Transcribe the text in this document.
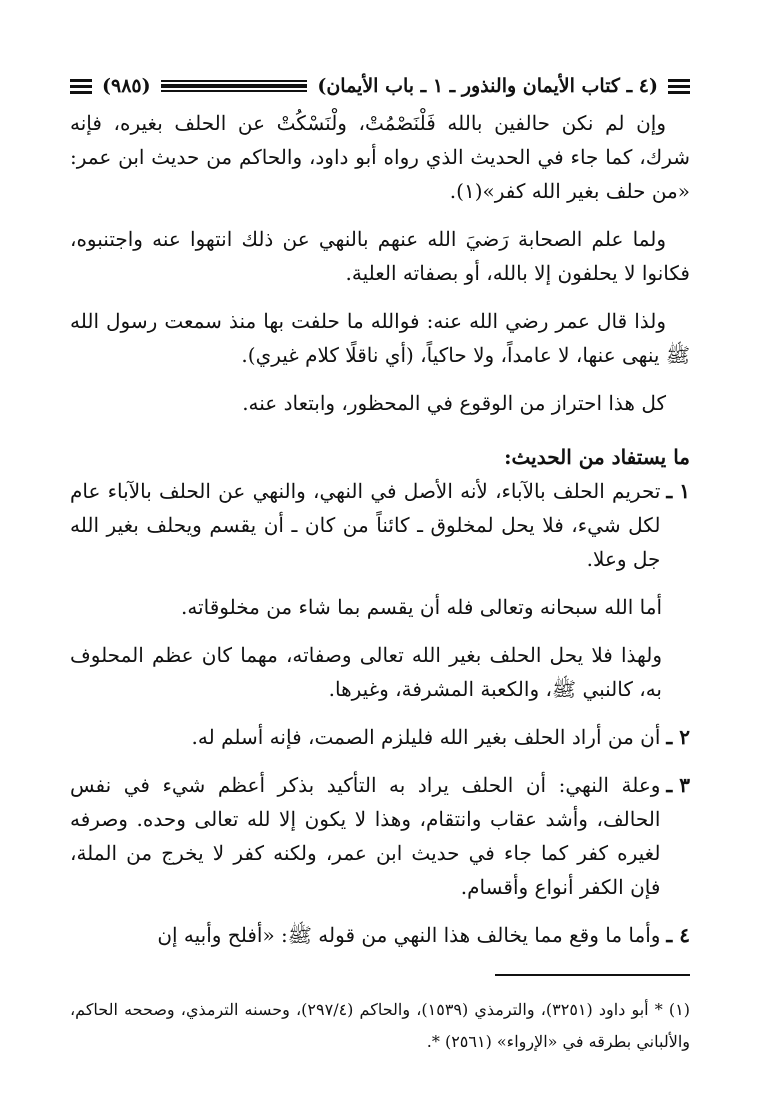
(٤ ـ كتاب الأيمان والنذور ـ ١ ـ باب الأيمان)
(٩٨٥)

وإن لم نكن حالفين بالله فَلْنَصْمُتْ، ولْنَسْكُتْ عن الحلف بغيره، فإنه شرك، كما جاء في الحديث الذي رواه أبو داود، والحاكم من حديث ابن عمر: «من حلف بغير الله كفر»(١).

ولما علم الصحابة رَضيَ الله عنهم بالنهي عن ذلك انتهوا عنه واجتنبوه، فكانوا لا يحلفون إلا بالله، أو بصفاته العلية.

ولذا قال عمر رضي الله عنه: فوالله ما حلفت بها منذ سمعت رسول الله ﷺ ينهى عنها، لا عامداً، ولا حاكياً، (أي ناقلًا كلام غيري).

كل هذا احتراز من الوقوع في المحظور، وابتعاد عنه.

ما يستفاد من الحديث:
١ ـ
تحريم الحلف بالآباء، لأنه الأصل في النهي، والنهي عن الحلف بالآباء عام لكل شيء، فلا يحل لمخلوق ـ كائناً من كان ـ أن يقسم ويحلف بغير الله جل وعلا.

أما الله سبحانه وتعالى فله أن يقسم بما شاء من مخلوقاته.

ولهذا فلا يحل الحلف بغير الله تعالى وصفاته، مهما كان عظم المحلوف به، كالنبي ﷺ، والكعبة المشرفة، وغيرها.

٢ ـ
أن من أراد الحلف بغير الله فليلزم الصمت، فإنه أسلم له.
٣ ـ
وعلة النهي: أن الحلف يراد به التأكيد بذكر أعظم شيء في نفس الحالف، وأشد عقاب وانتقام، وهذا لا يكون إلا لله تعالى وحده. وصرفه لغيره كفر كما جاء في حديث ابن عمر، ولكنه كفر لا يخرج من الملة، فإن الكفر أنواع وأقسام.
٤ ـ
وأما ما وقع مما يخالف هذا النهي من قوله ﷺ: «أفلح وأبيه إن
(١) * أبو داود (٣٢٥١)، والترمذي (١٥٣٩)، والحاكم (٢٩٧/٤)، وحسنه الترمذي، وصححه الحاكم، والألباني بطرقه في «الإرواء» (٢٥٦١) *.
